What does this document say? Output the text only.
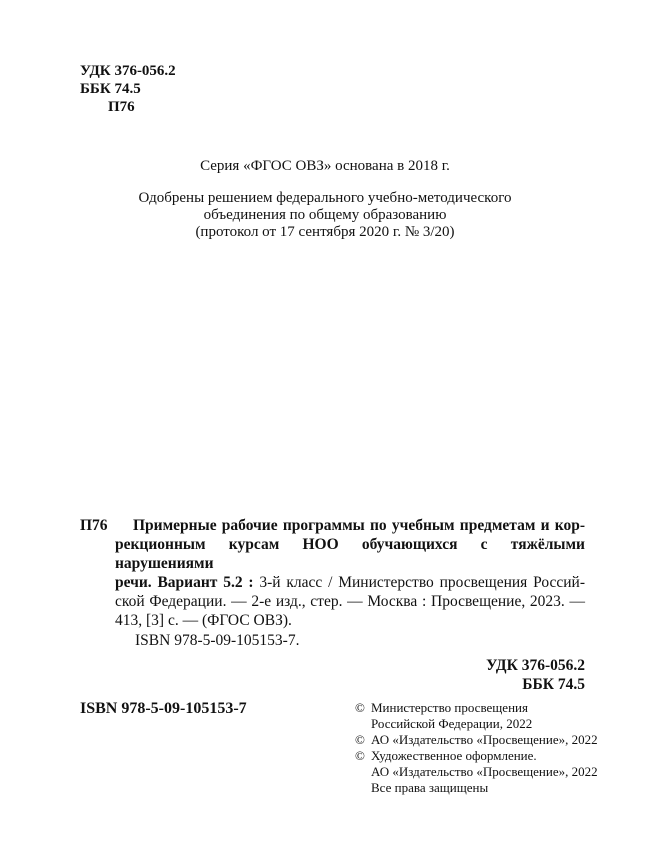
УДК 376-056.2
ББК 74.5
П76
Серия «ФГОС ОВЗ» основана в 2018 г.
Одобрены решением федерального учебно-методического
объединения по общему образованию
(протокол от 17 сентября 2020 г. № 3/20)
П76	Примерные рабочие программы по учебным предметам и кор-
рекционным курсам НОО обучающихся с тяжёлыми нарушениями
речи. Вариант 5.2 : 3-й класс / Министерство просвещения Россий-
ской Федерации. — 2-е изд., стер. — Москва : Просвещение, 2023. —
413, [3] с. — (ФГОС ОВЗ).
ISBN 978-5-09-105153-7.
УДК 376-056.2
ББК 74.5
ISBN 978-5-09-105153-7	© Министерство просвещения
Российской Федерации, 2022
© АО «Издательство «Просвещение», 2022
© Художественное оформление.
АО «Издательство «Просвещение», 2022
Все права защищены
